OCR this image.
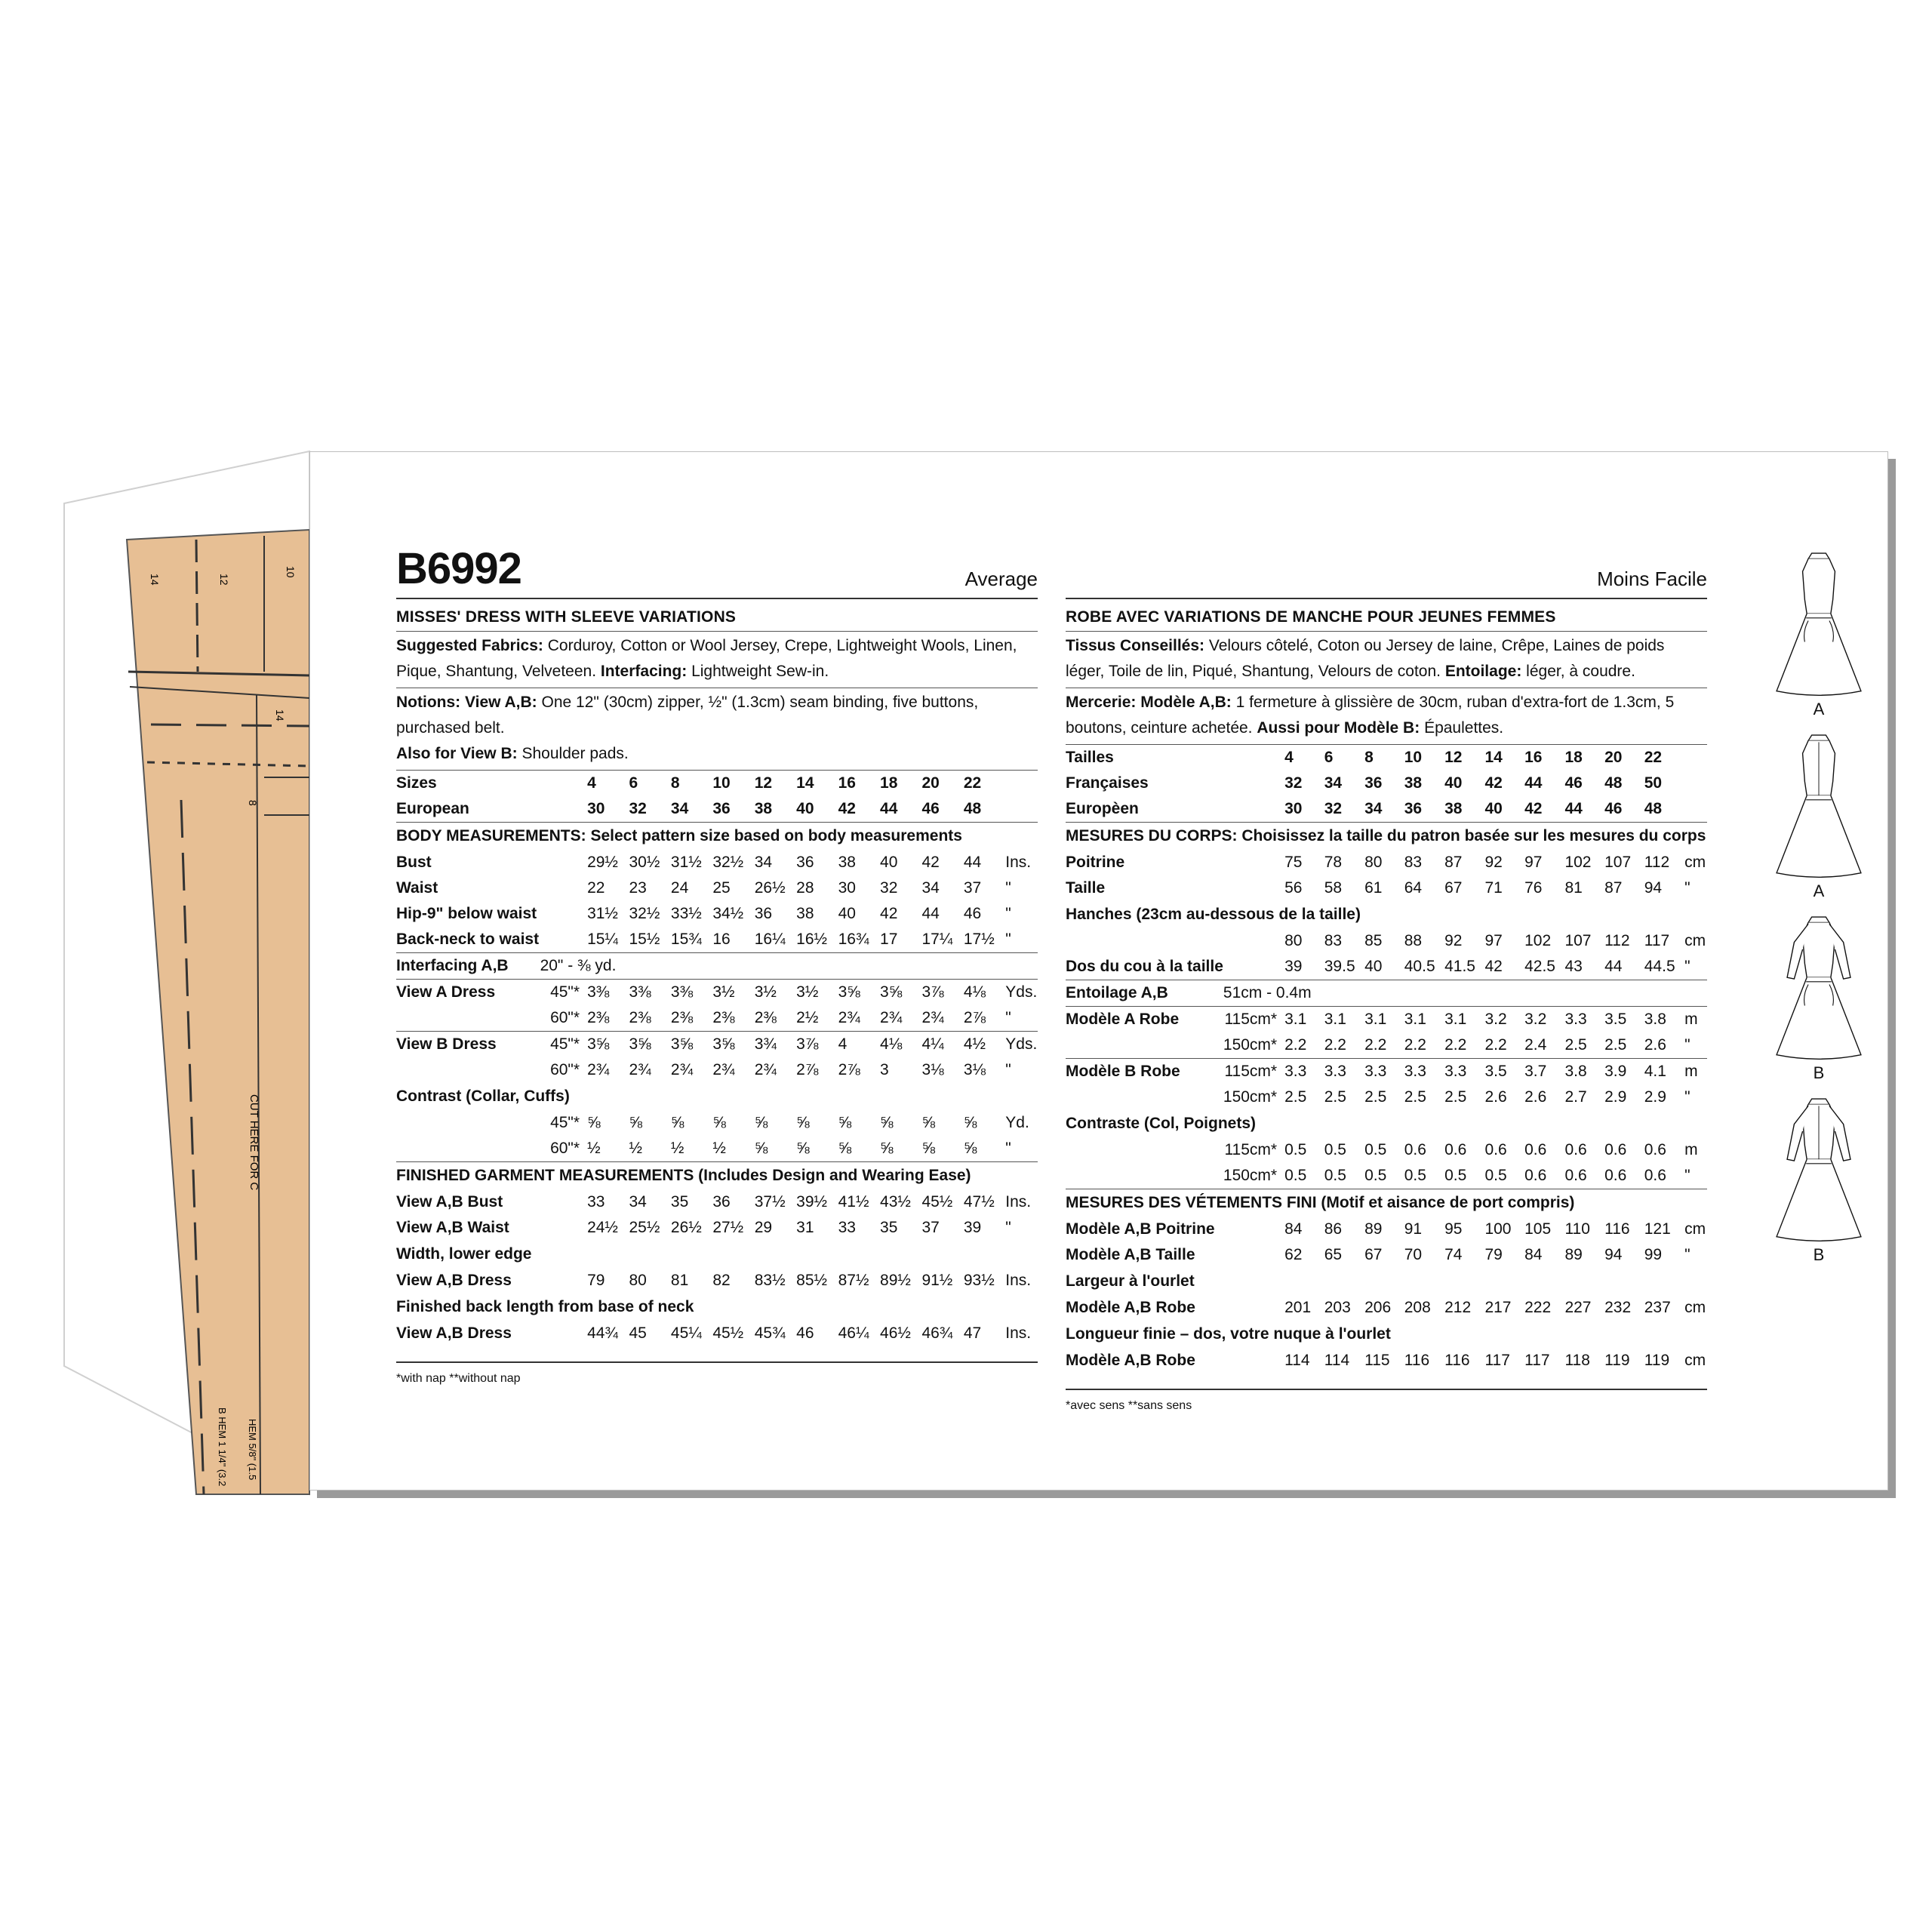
14	12
10
14
8
CUT HERE FOR C
HEM 5/8" (1.5
B HEM 1 1/4" (3.2
B6992	Average
MISSES' DRESS WITH SLEEVE VARIATIONS
Suggested Fabrics: Corduroy, Cotton or Wool Jersey, Crepe, Lightweight Wools, Linen, Pique, Shantung, Velveteen. Interfacing: Lightweight Sew-in.
Notions: View A,B: One 12" (30cm) zipper, ½" (1.3cm) seam binding, five buttons, purchased belt.
Also for View B: Shoulder pads.
Sizes		4	6	8	10	12	14	16	18	20	22	
European		30	32	34	36	38	40	42	44	46	48	
BODY MEASUREMENTS: Select pattern size based on body measurements												
Bust		29½	30½	31½	32½	34	36	38	40	42	44	Ins.
Waist		22	23	24	25	26½	28	30	32	34	37	"
Hip-9" below waist		31½	32½	33½	34½	36	38	40	42	44	46	"
Back-neck to waist		15¼	15½	15¾	16	16¼	16½	16¾	17	17¼	17½	"
Interfacing A,B	20" - ⅜ yd.											
View A Dress	45"*	3⅜	3⅜	3⅜	3½	3½	3½	3⅝	3⅝	3⅞	4⅛	Yds.
	60"*	2⅜	2⅜	2⅜	2⅜	2⅜	2½	2¾	2¾	2¾	2⅞	"
View B Dress	45"*	3⅝	3⅝	3⅝	3⅝	3¾	3⅞	4	4⅛	4¼	4½	Yds.
	60"*	2¾	2¾	2¾	2¾	2¾	2⅞	2⅞	3	3⅛	3⅛	"
Contrast (Collar, Cuffs)												
	45"*	⅝	⅝	⅝	⅝	⅝	⅝	⅝	⅝	⅝	⅝	Yd.
	60"*	½	½	½	½	⅝	⅝	⅝	⅝	⅝	⅝	"
FINISHED GARMENT MEASUREMENTS (Includes Design and Wearing Ease)												
View A,B Bust		33	34	35	36	37½	39½	41½	43½	45½	47½	Ins.
View A,B Waist		24½	25½	26½	27½	29	31	33	35	37	39	"
Width, lower edge												
View A,B Dress		79	80	81	82	83½	85½	87½	89½	91½	93½	Ins.
Finished back length from base of neck												
View A,B Dress		44¾	45	45¼	45½	45¾	46	46¼	46½	46¾	47	Ins.

*with nap **without nap
Moins Facile
ROBE AVEC VARIATIONS DE MANCHE POUR JEUNES FEMMES
Tissus Conseillés: Velours côtelé, Coton ou Jersey de laine, Crêpe, Laines de poids léger, Toile de lin, Piqué, Shantung, Velours de coton. Entoilage: léger, à coudre.
Mercerie: Modèle A,B: 1 fermeture à glissière de 30cm, ruban d'extra-fort de 1.3cm, 5 boutons, ceinture achetée. Aussi pour Modèle B: Épaulettes.
Tailles		4	6	8	10	12	14	16	18	20	22	
Françaises		32	34	36	38	40	42	44	46	48	50	
Europèen		30	32	34	36	38	40	42	44	46	48	
MESURES DU CORPS: Choisissez la taille du patron basée sur les mesures du corps												
Poitrine		75	78	80	83	87	92	97	102	107	112	cm
Taille		56	58	61	64	67	71	76	81	87	94	"
Hanches (23cm au-dessous de la taille)												
		80	83	85	88	92	97	102	107	112	117	cm
Dos du cou à la taille		39	39.5	40	40.5	41.5	42	42.5	43	44	44.5	"
Entoilage A,B	51cm - 0.4m											
Modèle A Robe	115cm*	3.1	3.1	3.1	3.1	3.1	3.2	3.2	3.3	3.5	3.8	m
	150cm*	2.2	2.2	2.2	2.2	2.2	2.2	2.4	2.5	2.5	2.6	"
Modèle B Robe	115cm*	3.3	3.3	3.3	3.3	3.3	3.5	3.7	3.8	3.9	4.1	m
	150cm*	2.5	2.5	2.5	2.5	2.5	2.6	2.6	2.7	2.9	2.9	"
Contraste (Col, Poignets)												
	115cm*	0.5	0.5	0.5	0.6	0.6	0.6	0.6	0.6	0.6	0.6	m
	150cm*	0.5	0.5	0.5	0.5	0.5	0.5	0.6	0.6	0.6	0.6	"
MESURES DES VÉTEMENTS FINI (Motif et aisance de port compris)												
Modèle A,B Poitrine		84	86	89	91	95	100	105	110	116	121	cm
Modèle A,B Taille		62	65	67	70	74	79	84	89	94	99	"
Largeur à l'ourlet												
Modèle A,B Robe		201	203	206	208	212	217	222	227	232	237	cm
Longueur finie – dos, votre nuque à l'ourlet												
Modèle A,B Robe		114	114	115	116	116	117	117	118	119	119	cm

*avec sens **sans sens
A
A
B
B
